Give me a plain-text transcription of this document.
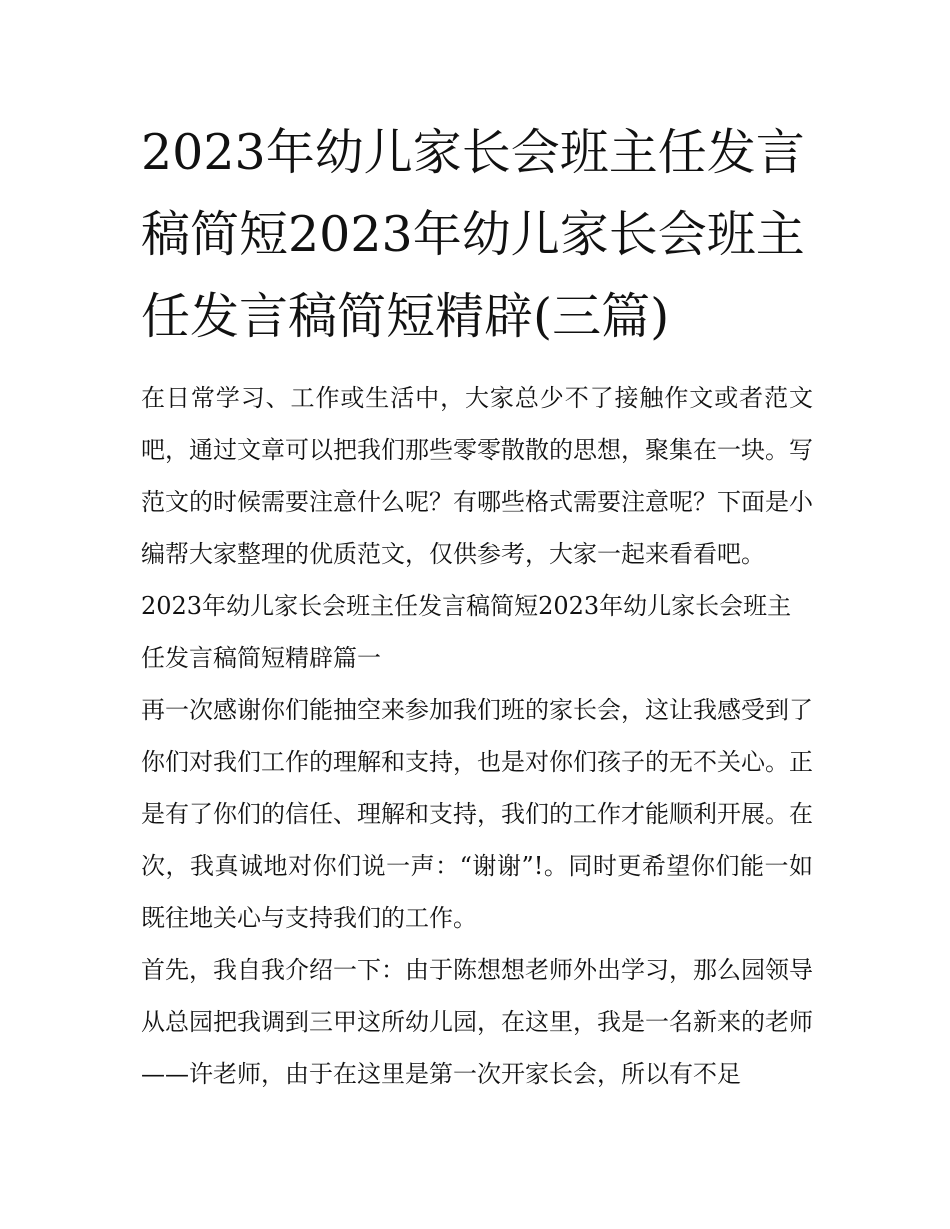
2023年幼儿家长会班主任发言稿简短2023年幼儿家长会班主任发言稿简短精辟(三篇)

在日常学习、工作或生活中，大家总少不了接触作文或者范文吧，通过文章可以把我们那些零零散散的思想，聚集在一块。写范文的时候需要注意什么呢？有哪些格式需要注意呢？下面是小编帮大家整理的优质范文，仅供参考，大家一起来看看吧。

2023年幼儿家长会班主任发言稿简短2023年幼儿家长会班主任发言稿简短精辟篇一

再一次感谢你们能抽空来参加我们班的家长会，这让我感受到了你们对我们工作的理解和支持，也是对你们孩子的无不关心。正是有了你们的信任、理解和支持，我们的工作才能顺利开展。在次，我真诚地对你们说一声：“谢谢”!。同时更希望你们能一如既往地关心与支持我们的工作。

首先，我自我介绍一下：由于陈想想老师外出学习，那么园领导从总园把我调到三甲这所幼儿园，在这里，我是一名新来的老师——许老师，由于在这里是第一次开家长会，所以有不足
